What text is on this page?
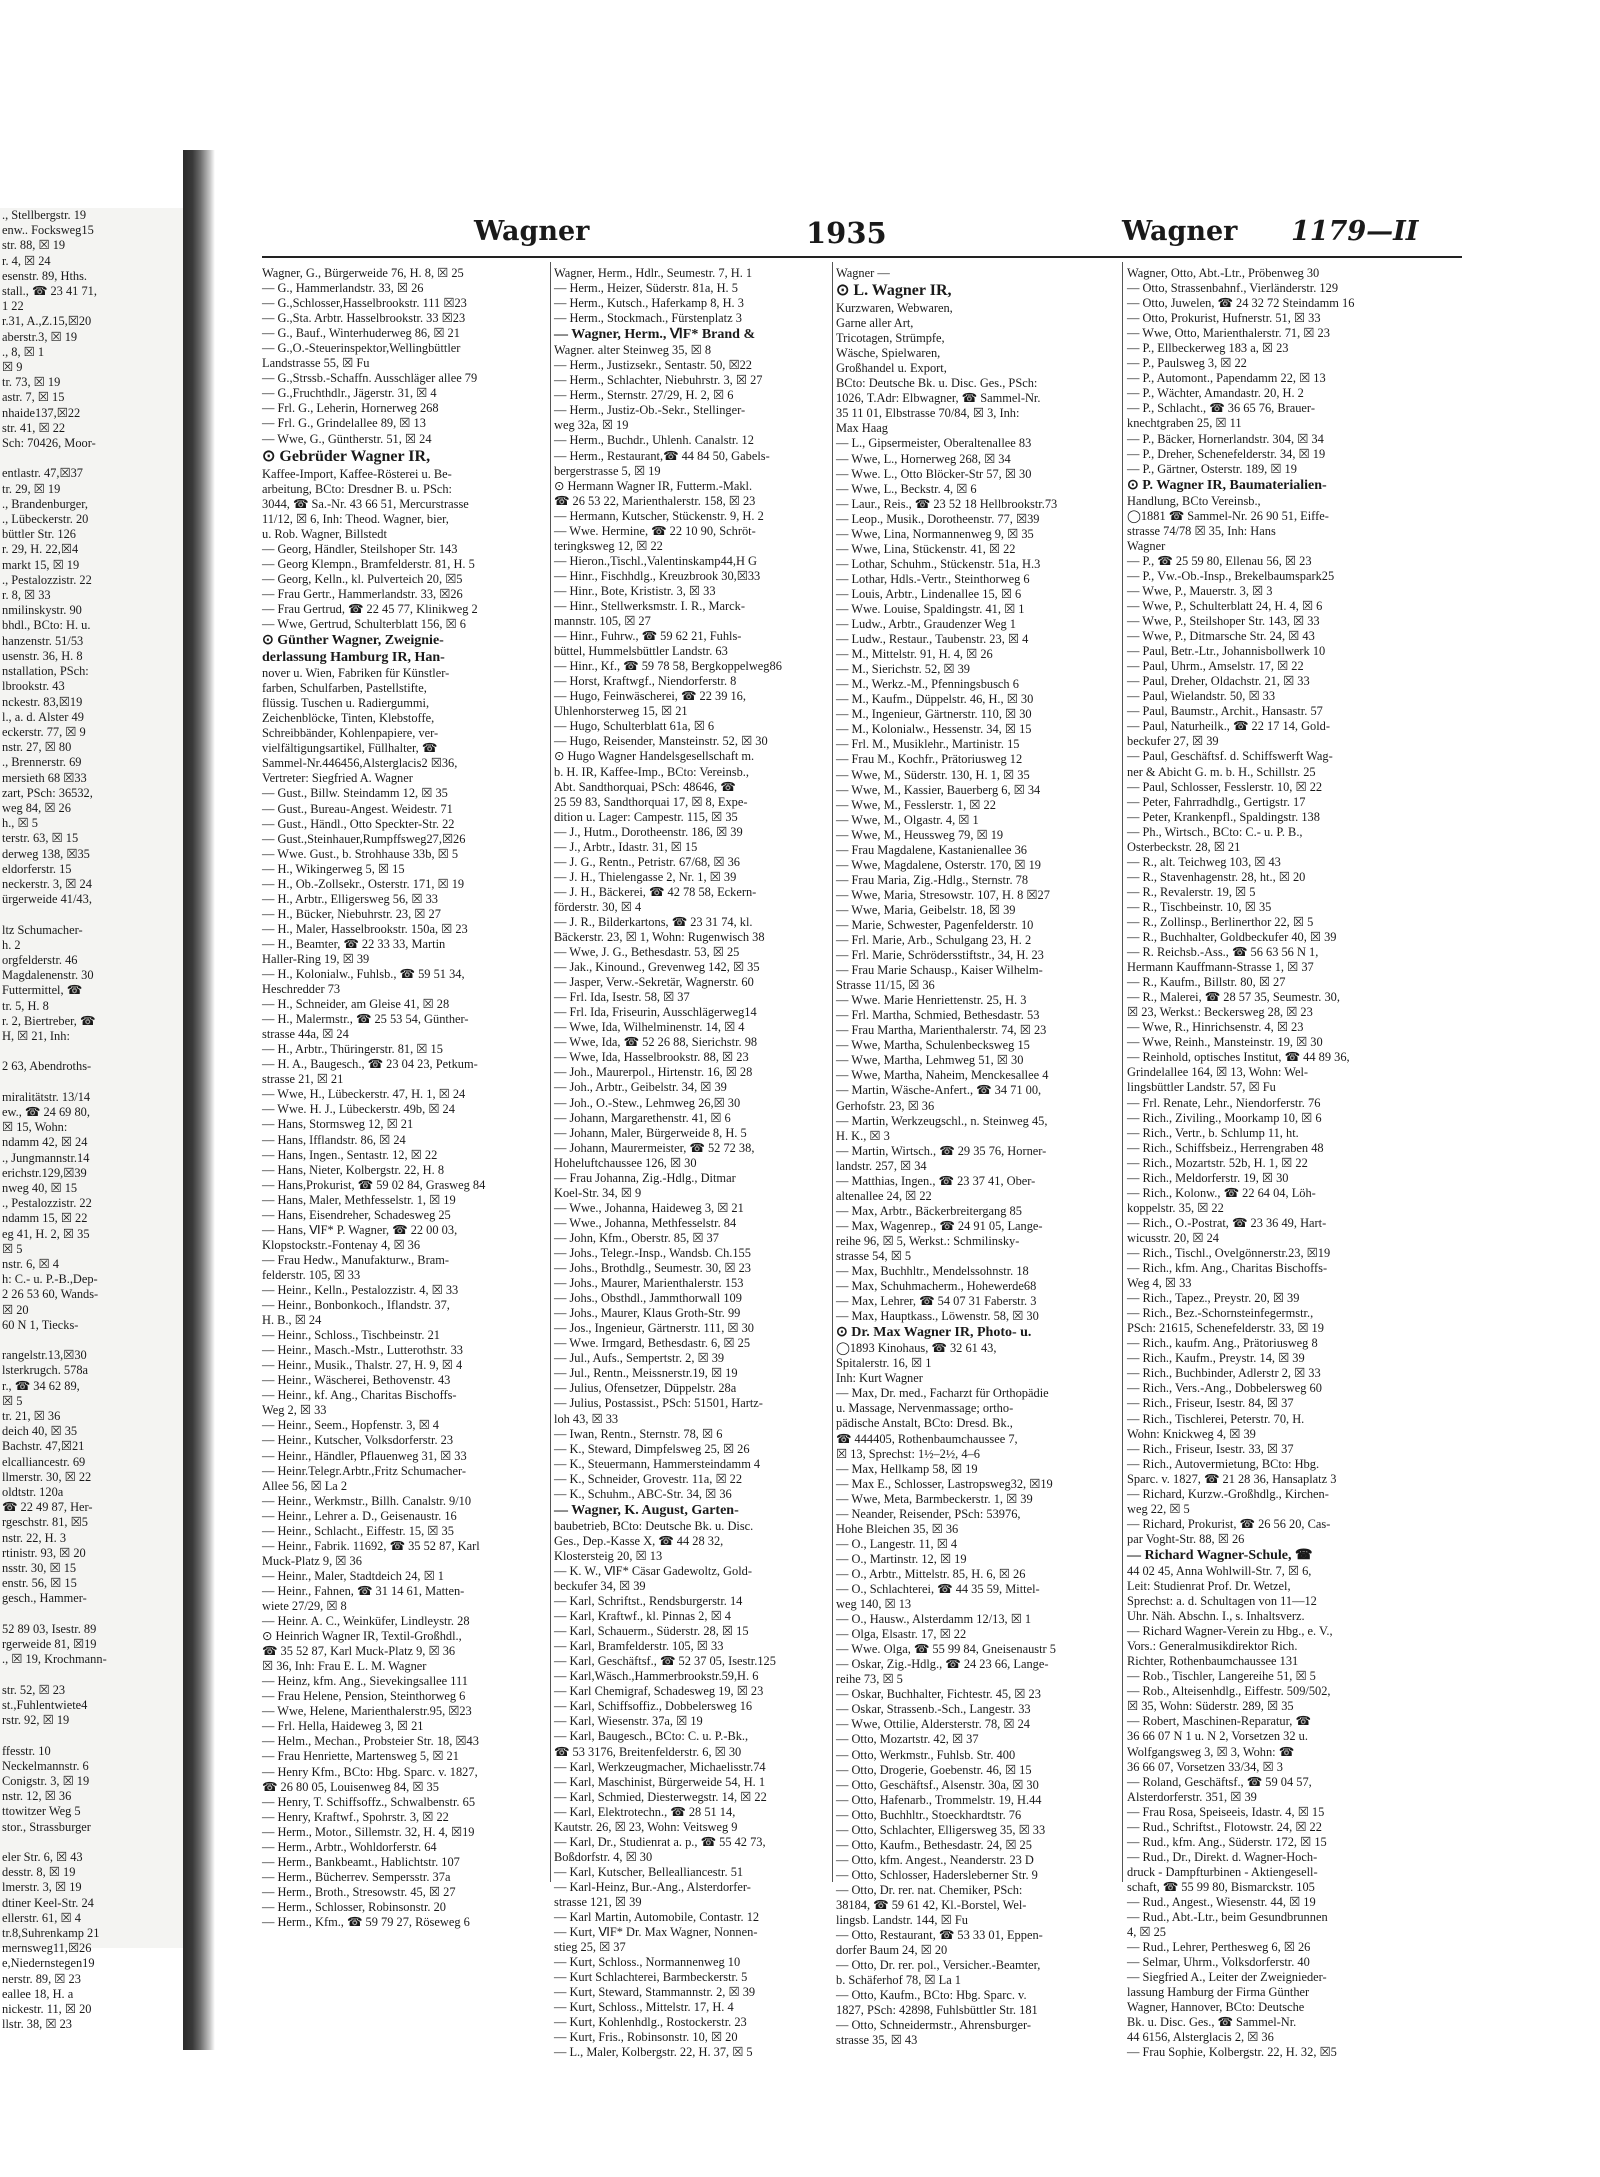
., Stellbergstr. 19
enw.. Focksweg15
str. 88, ☒ 19
r. 4, ☒ 24
esenstr. 89, Hths.
stall., ☎ 23 41 71,
1 22
r.31, A.,Z.15,☒20
aberstr.3, ☒ 19
., 8, ☒ 1
☒ 9
tr. 73, ☒ 19
astr. 7, ☒ 15
nhaide137,☒22
str. 41, ☒ 22
Sch: 70426, Moor-

entlastr. 47,☒37
tr. 29, ☒ 19
., Brandenburger,
., Lübeckerstr. 20
büttler Str. 126
r. 29, H. 22,☒4
markt 15, ☒ 19
., Pestalozzistr. 22
r. 8, ☒ 33
nmilinskystr. 90
bhdl., BCto: H. u.
hanzenstr. 51/53
usenstr. 36, H. 8
nstallation, PSch:
lbrookstr. 43
nckestr. 83,☒19
l., a. d. Alster 49
eckerstr. 77, ☒ 9
nstr. 27, ☒ 80
., Brennerstr. 69
mersieth 68 ☒33
zart, PSch: 36532,
weg 84, ☒ 26
h., ☒ 5
terstr. 63, ☒ 15
derweg 138, ☒35
eldorferstr. 15
neckerstr. 3, ☒ 24
ürgerweide 41/43,

ltz Schumacher-
h. 2
orgfelderstr. 46
Magdalenenstr. 30
Futtermittel, ☎
tr. 5, H. 8
r. 2, Biertreber, ☎
H, ☒ 21, Inh:

2 63, Abendroths-

miralitätstr. 13/14
ew., ☎ 24 69 80,
☒ 15, Wohn:
ndamm 42, ☒ 24
., Jungmannstr.14
erichstr.129,☒39
nweg 40, ☒ 15
., Pestalozzistr. 22
ndamm 15, ☒ 22
eg 41, H. 2, ☒ 35
☒ 5
nstr. 6, ☒ 4
h: C.- u. P.-B.,Dep-
2 26 53 60, Wands-
☒ 20
60 N 1, Tiecks-

rangelstr.13,☒30
lsterkrugch. 578a
r., ☎ 34 62 89,
☒ 5
tr. 21, ☒ 36
deich 40, ☒ 35
Bachstr. 47,☒21
elcalliancestr. 69
llmerstr. 30, ☒ 22
oldtstr. 120a
☎ 22 49 87, Her-
rgeschstr. 81, ☒5
nstr. 22, H. 3
rtinistr. 93, ☒ 20
nsstr. 30, ☒ 15
enstr. 56, ☒ 15
gesch., Hammer-

52 89 03, Isestr. 89
rgerweide 81, ☒19
., ☒ 19, Krochmann-

str. 52, ☒ 23
st.,Fuhlentwiete4
rstr. 92, ☒ 19

ffesstr. 10
Neckelmannstr. 6
Conigstr. 3, ☒ 19
nstr. 12, ☒ 36
ttowitzer Weg 5
stor., Strassburger

eler Str. 6, ☒ 43
desstr. 8, ☒ 19
lmerstr. 3, ☒ 19
dtiner Keel-Str. 24
ellerstr. 61, ☒ 4
tr.8,Suhrenkamp 21
mernsweg11,☒26
e,Niedernstegen19
nerstr. 89, ☒ 23
eallee 18, H. a
nickestr. 11, ☒ 20
llstr. 38, ☒ 23
Wagner	1935	Wagner 1179—II
Wagner, G., Bürgerweide 76, H. 8, ☒ 25
— G., Hammerlandstr. 33, ☒ 26
— G.,Schlosser,Hasselbrookstr. 111 ☒23
— G.,Sta. Arbtr. Hasselbrookstr. 33 ☒23
— G., Bauf., Winterhuderweg 86, ☒ 21
— G.,O.-Steuerinspektor,Wellingbüttler
Landstrasse 55, ☒ Fu
— G.,Strssb.-Schaffn. Ausschläger allee 79
— G.,Fruchthdlr., Jägerstr. 31, ☒ 4
— Frl. G., Leherin, Hornerweg 268
— Frl. G., Grindelallee 89, ☒ 13
— Wwe, G., Güntherstr. 51, ☒ 24
⊙ Gebrüder Wagner IR,
Kaffee-Import, Kaffee-Rösterei u. Be-
arbeitung, BCto: Dresdner B. u. PSch:
3044, ☎ Sa.-Nr. 43 66 51, Mercurstrasse
11/12, ☒ 6, Inh: Theod. Wagner, bier,
u. Rob. Wagner, Billstedt
— Georg, Händler, Steilshoper Str. 143
— Georg Klempn., Bramfelderstr. 81, H. 5
— Georg, Kelln., kl. Pulverteich 20, ☒5
— Frau Gertr., Hammerlandstr. 33, ☒26
— Frau Gertrud, ☎ 22 45 77, Klinikweg 2
— Wwe, Gertrud, Schulterblatt 156, ☒ 6
⊙ Günther Wagner, Zweignie-
derlassung Hamburg IR, Han-
nover u. Wien, Fabriken für Künstler-
farben, Schulfarben, Pastellstifte,
flüssig. Tuschen u. Radiergummi,
Zeichenblöcke, Tinten, Klebstoffe,
Schreibbänder, Kohlenpapiere, ver-
vielfältigungsartikel, Füllhalter, ☎
Sammel-Nr.446456,Alsterglacis2 ☒36,
Vertreter: Siegfried A. Wagner
— Gust., Billw. Steindamm 12, ☒ 35
— Gust., Bureau-Angest. Weidestr. 71
— Gust., Händl., Otto Speckter-Str. 22
— Gust.,Steinhauer,Rumpffsweg27,☒26
— Wwe. Gust., b. Strohhause 33b, ☒ 5
— H., Wikingerweg 5, ☒ 15
— H., Ob.-Zollsekr., Osterstr. 171, ☒ 19
— H., Arbtr., Elligersweg 56, ☒ 33
— H., Bücker, Niebuhrstr. 23, ☒ 27
— H., Maler, Hasselbrookstr. 150a, ☒ 23
— H., Beamter, ☎ 22 33 33, Martin
Haller-Ring 19, ☒ 39
— H., Kolonialw., Fuhlsb., ☎ 59 51 34,
Heschredder 73
— H., Schneider, am Gleise 41, ☒ 28
— H., Malermstr., ☎ 25 53 54, Günther-
strasse 44a, ☒ 24
— H., Arbtr., Thüringerstr. 81, ☒ 15
— H. A., Baugesch., ☎ 23 04 23, Petkum-
strasse 21, ☒ 21
— Wwe, H., Lübeckerstr. 47, H. 1, ☒ 24
— Wwe. H. J., Lübeckerstr. 49b, ☒ 24
— Hans, Stormsweg 12, ☒ 21
— Hans, Ifflandstr. 86, ☒ 24
— Hans, Ingen., Sentastr. 12, ☒ 22
— Hans, Nieter, Kolbergstr. 22, H. 8
— Hans,Prokurist, ☎ 59 02 84, Grasweg 84
— Hans, Maler, Methfesselstr. 1, ☒ 19
— Hans, Eisendreher, Schadesweg 25
— Hans, ⅥF* P. Wagner, ☎ 22 00 03,
Klopstockstr.-Fontenay 4, ☒ 36
— Frau Hedw., Manufakturw., Bram-
felderstr. 105, ☒ 33
— Heinr., Kelln., Pestalozzistr. 4, ☒ 33
— Heinr., Bonbonkoch., Iflandstr. 37,
H. B., ☒ 24
— Heinr., Schloss., Tischbeinstr. 21
— Heinr., Masch.-Mstr., Lutterothstr. 33
— Heinr., Musik., Thalstr. 27, H. 9, ☒ 4
— Heinr., Wäscherei, Bethovenstr. 43
— Heinr., kf. Ang., Charitas Bischoffs-
Weg 2, ☒ 33
— Heinr., Seem., Hopfenstr. 3, ☒ 4
— Heinr., Kutscher, Volksdorferstr. 23
— Heinr., Händler, Pflauenweg 31, ☒ 33
— Heinr.Telegr.Arbtr.,Fritz Schumacher-
Allee 56, ☒ La 2
— Heinr., Werkmstr., Billh. Canalstr. 9/10
— Heinr., Lehrer a. D., Geisenaustr. 16
— Heinr., Schlacht., Eiffestr. 15, ☒ 35
— Heinr., Fabrik. 11692, ☎ 35 52 87, Karl
Muck-Platz 9, ☒ 36
— Heinr., Maler, Stadtdeich 24, ☒ 1
— Heinr., Fahnen, ☎ 31 14 61, Matten-
wiete 27/29, ☒ 8
— Heinr. A. C., Weinküfer, Lindleystr. 28
⊙ Heinrich Wagner IR, Textil-Großhdl.,
☎ 35 52 87, Karl Muck-Platz 9, ☒ 36
☒ 36, Inh: Frau E. L. M. Wagner
— Heinz, kfm. Ang., Sievekingsallee 111
— Frau Helene, Pension, Steinthorweg 6
— Wwe, Helene, Marienthalerstr.95, ☒23
— Frl. Hella, Haideweg 3, ☒ 21
— Helm., Mechan., Probsteier Str. 18, ☒43
— Frau Henriette, Martensweg 5, ☒ 21
— Henry Kfm., BCto: Hbg. Sparc. v. 1827,
☎ 26 80 05, Louisenweg 84, ☒ 35
— Henry, T. Schiffsoffz., Schwalbenstr. 65
— Henry, Kraftwf., Spohrstr. 3, ☒ 22
— Herm., Motor., Sillemstr. 32, H. 4, ☒19
— Herm., Arbtr., Wohldorferstr. 64
— Herm., Bankbeamt., Hablichtstr. 107
— Herm., Bücherrev. Sempersstr. 37a
— Herm., Broth., Stresowstr. 45, ☒ 27
— Herm., Schlosser, Robinsonstr. 20
— Herm., Kfm., ☎ 59 79 27, Röseweg 6
Wagner, Herm., Hdlr., Seumestr. 7, H. 1
— Herm., Heizer, Süderstr. 81a, H. 5
— Herm., Kutsch., Haferkamp 8, H. 3
— Herm., Stockmach., Fürstenplatz 3
— Wagner, Herm., ⅥF* Brand &
Wagner. alter Steinweg 35, ☒ 8
— Herm., Justizsekr., Sentastr. 50, ☒22
— Herm., Schlachter, Niebuhrstr. 3, ☒ 27
— Herm., Sternstr. 27/29, H. 2, ☒ 6
— Herm., Justiz-Ob.-Sekr., Stellinger-
weg 32a, ☒ 19
— Herm., Buchdr., Uhlenh. Canalstr. 12
— Herm., Restaurant,☎ 44 84 50, Gabels-
bergerstrasse 5, ☒ 19
⊙ Hermann Wagner IR, Futterm.-Makl.
☎ 26 53 22, Marienthalerstr. 158, ☒ 23
— Hermann, Kutscher, Stückenstr. 9, H. 2
— Wwe. Hermine, ☎ 22 10 90, Schröt-
teringksweg 12, ☒ 22
— Hieron.,Tischl.,Valentinskamp44,H G
— Hinr., Fischhdlg., Kreuzbrook 30,☒33
— Hinr., Bote, Krististr. 3, ☒ 33
— Hinr., Stellwerksmstr. I. R., Marck-
mannstr. 105, ☒ 27
— Hinr., Fuhrw., ☎ 59 62 21, Fuhls-
büttel, Hummelsbüttler Landstr. 63
— Hinr., Kf., ☎ 59 78 58, Bergkoppelweg86
— Horst, Kraftwgf., Niendorferstr. 8
— Hugo, Feinwäscherei, ☎ 22 39 16,
Uhlenhorsterweg 15, ☒ 21
— Hugo, Schulterblatt 61a, ☒ 6
— Hugo, Reisender, Mansteinstr. 52, ☒ 30
⊙ Hugo Wagner Handelsgesellschaft m.
b. H. IR, Kaffee-Imp., BCto: Vereinsb.,
Abt. Sandthorquai, PSch: 48646, ☎
25 59 83, Sandthorquai 17, ☒ 8, Expe-
dition u. Lager: Campestr. 115, ☒ 35
— J., Hutm., Dorotheenstr. 186, ☒ 39
— J., Arbtr., Idastr. 31, ☒ 15
— J. G., Rentn., Petristr. 67/68, ☒ 36
— J. H., Thielengasse 2, Nr. 1, ☒ 39
— J. H., Bäckerei, ☎ 42 78 58, Eckern-
förderstr. 30, ☒ 4
— J. R., Bilderkartons, ☎ 23 31 74, kl.
Bäckerstr. 23, ☒ 1, Wohn: Rugenwisch 38
— Wwe, J. G., Bethesdastr. 53, ☒ 25
— Jak., Kinound., Grevenweg 142, ☒ 35
— Jasper, Verw.-Sekretär, Wagnerstr. 60
— Frl. Ida, Isestr. 58, ☒ 37
— Frl. Ida, Friseurin, Ausschlägerweg14
— Wwe, Ida, Wilhelminenstr. 14, ☒ 4
— Wwe, Ida, ☎ 52 26 88, Sierichstr. 98
— Wwe, Ida, Hasselbrookstr. 88, ☒ 23
— Joh., Maurerpol., Hirtenstr. 16, ☒ 28
— Joh., Arbtr., Geibelstr. 34, ☒ 39
— Joh., O.-Stew., Lehmweg 26,☒ 30
— Johann, Margarethenstr. 41, ☒ 6
— Johann, Maler, Bürgerweide 8, H. 5
— Johann, Maurermeister, ☎ 52 72 38,
Hoheluftchaussee 126, ☒ 30
— Frau Johanna, Zig.-Hdlg., Ditmar
Koel-Str. 34, ☒ 9
— Wwe., Johanna, Haideweg 3, ☒ 21
— Wwe., Johanna, Methfesselstr. 84
— John, Kfm., Oberstr. 85, ☒ 37
— Johs., Telegr.-Insp., Wandsb. Ch.155
— Johs., Brothdlg., Seumestr. 30, ☒ 23
— Johs., Maurer, Marienthalerstr. 153
— Johs., Obsthdl., Jammthorwall 109
— Johs., Maurer, Klaus Groth-Str. 99
— Jos., Ingenieur, Gärtnerstr. 111, ☒ 30
— Wwe. Irmgard, Bethesdastr. 6, ☒ 25
— Jul., Aufs., Sempertstr. 2, ☒ 39
— Jul., Rentn., Meissnerstr.19, ☒ 19
— Julius, Ofensetzer, Düppelstr. 28a
— Julius, Postassist., PSch: 51501, Hartz-
loh 43, ☒ 33
— Iwan, Rentn., Sternstr. 78, ☒ 6
— K., Steward, Dimpfelsweg 25, ☒ 26
— K., Steuermann, Hammersteindamm 4
— K., Schneider, Grovestr. 11a, ☒ 22
— K., Schuhm., ABC-Str. 34, ☒ 36
— Wagner, K. August, Garten-
baubetrieb, BCto: Deutsche Bk. u. Disc.
Ges., Dep.-Kasse X, ☎ 44 28 32,
Klostersteig 20, ☒ 13
— K. W., ⅥF* Cäsar Gadewoltz, Gold-
beckufer 34, ☒ 39
— Karl, Schriftst., Rendsburgerstr. 14
— Karl, Kraftwf., kl. Pinnas 2, ☒ 4
— Karl, Schauerm., Süderstr. 28, ☒ 15
— Karl, Bramfelderstr. 105, ☒ 33
— Karl, Geschäftsf., ☎ 52 37 05, Isestr.125
— Karl,Wäsch.,Hammerbrookstr.59,H. 6
— Karl Chemigraf, Schadesweg 19, ☒ 23
— Karl, Schiffsoffiz., Dobbelersweg 16
— Karl, Wiesenstr. 37a, ☒ 19
— Karl, Baugesch., BCto: C. u. P.-Bk.,
☎ 53 3176, Breitenfelderstr. 6, ☒ 30
— Karl, Werkzeugmacher, Michaelisstr.74
— Karl, Maschinist, Bürgerweide 54, H. 1
— Karl, Schmied, Diesterwegstr. 14, ☒ 22
— Karl, Elektrotechn., ☎ 28 51 14,
Kautstr. 26, ☒ 23, Wohn: Veitsweg 9
— Karl, Dr., Studienrat a. p., ☎ 55 42 73,
Boßdorfstr. 4, ☒ 30
— Karl, Kutscher, Bellealliancestr. 51
— Karl-Heinz, Bur.-Ang., Alsterdorfer-
strasse 121, ☒ 39
— Karl Martin, Automobile, Contastr. 12
— Kurt, ⅥF* Dr. Max Wagner, Nonnen-
stieg 25, ☒ 37
— Kurt, Schloss., Normannenweg 10
— Kurt Schlachterei, Barmbeckerstr. 5
— Kurt, Steward, Stammannstr. 2, ☒ 39
— Kurt, Schloss., Mittelstr. 17, H. 4
— Kurt, Kohlenhdlg., Rostockerstr. 23
— Kurt, Fris., Robinsonstr. 10, ☒ 20
— L., Maler, Kolbergstr. 22, H. 37, ☒ 5
Wagner —
⊙ L. Wagner IR,
Kurzwaren, Webwaren,
Garne aller Art,
Tricotagen, Strümpfe,
Wäsche, Spielwaren,
Großhandel u. Export,
BCto: Deutsche Bk. u. Disc. Ges., PSch:
1026, T.Adr: Elbwagner, ☎ Sammel-Nr.
35 11 01, Elbstrasse 70/84, ☒ 3, Inh:
Max Haag
— L., Gipsermeister, Oberaltenallee 83
— Wwe, L., Hornerweg 268, ☒ 34
— Wwe. L., Otto Blöcker-Str 57, ☒ 30
— Wwe, L., Beckstr. 4, ☒ 6
— Laur., Reis., ☎ 23 52 18 Hellbrookstr.73
— Leop., Musik., Dorotheenstr. 77, ☒39
— Wwe, Lina, Normannenweg 9, ☒ 35
— Wwe, Lina, Stückenstr. 41, ☒ 22
— Lothar, Schuhm., Stückenstr. 51a, H.3
— Lothar, Hdls.-Vertr., Steinthorweg 6
— Louis, Arbtr., Lindenallee 15, ☒ 6
— Wwe. Louise, Spaldingstr. 41, ☒ 1
— Ludw., Arbtr., Graudenzer Weg 1
— Ludw., Restaur., Taubenstr. 23, ☒ 4
— M., Mittelstr. 91, H. 4, ☒ 26
— M., Sierichstr. 52, ☒ 39
— M., Werkz.-M., Pfenningsbusch 6
— M., Kaufm., Düppelstr. 46, H., ☒ 30
— M., Ingenieur, Gärtnerstr. 110, ☒ 30
— M., Kolonialw., Hessenstr. 34, ☒ 15
— Frl. M., Musiklehr., Martinistr. 15
— Frau M., Kochfr., Prätoriusweg 12
— Wwe, M., Süderstr. 130, H. 1, ☒ 35
— Wwe, M., Kassier, Bauerberg 6, ☒ 34
— Wwe, M., Fesslerstr. 1, ☒ 22
— Wwe, M., Olgastr. 4, ☒ 1
— Wwe, M., Heussweg 79, ☒ 19
— Frau Magdalene, Kastanienallee 36
— Wwe, Magdalene, Osterstr. 170, ☒ 19
— Frau Maria, Zig.-Hdlg., Sternstr. 78
— Wwe, Maria, Stresowstr. 107, H. 8 ☒27
— Wwe, Maria, Geibelstr. 18, ☒ 39
— Marie, Schwester, Pagenfelderstr. 10
— Frl. Marie, Arb., Schulgang 23, H. 2
— Frl. Marie, Schrödersstiftstr., 34, H. 23
— Frau Marie Schausp., Kaiser Wilhelm-
Strasse 11/15, ☒ 36
— Wwe. Marie Henriettenstr. 25, H. 3
— Frl. Martha, Schmied, Bethesdastr. 53
— Frau Martha, Marienthalerstr. 74, ☒ 23
— Wwe, Martha, Schulenbecksweg 15
— Wwe, Martha, Lehmweg 51, ☒ 30
— Wwe, Martha, Naheim, Menckesallee 4
— Martin, Wäsche-Anfert., ☎ 34 71 00,
Gerhofstr. 23, ☒ 36
— Martin, Werkzeugschl., n. Steinweg 45,
H. K., ☒ 3
— Martin, Wirtsch., ☎ 29 35 76, Horner-
landstr. 257, ☒ 34
— Matthias, Ingen., ☎ 23 37 41, Ober-
altenallee 24, ☒ 22
— Max, Arbtr., Bäckerbreitergang 85
— Max, Wagenrep., ☎ 24 91 05, Lange-
reihe 96, ☒ 5, Werkst.: Schmilinsky-
strasse 54, ☒ 5
— Max, Buchhltr., Mendelssohnstr. 18
— Max, Schuhmacherm., Hohewerde68
— Max, Lehrer, ☎ 54 07 31 Faberstr. 3
— Max, Hauptkass., Löwenstr. 58, ☒ 30
⊙ Dr. Max Wagner IR, Photo- u.
◯1893 Kinohaus, ☎ 32 61 43,
Spitalerstr. 16, ☒ 1
Inh: Kurt Wagner
— Max, Dr. med., Facharzt für Orthopädie
u. Massage, Nervenmassage; ortho-
pädische Anstalt, BCto: Dresd. Bk.,
☎ 444405, Rothenbaumchaussee 7,
☒ 13, Sprechst: 1½–2½, 4–6
— Max, Hellkamp 58, ☒ 19
— Max E., Schlosser, Lastropsweg32, ☒19
— Wwe, Meta, Barmbeckerstr. 1, ☒ 39
— Neander, Reisender, PSch: 53976,
Hohe Bleichen 35, ☒ 36
— O., Langestr. 11, ☒ 4
— O., Martinstr. 12, ☒ 19
— O., Arbtr., Mittelstr. 85, H. 6, ☒ 26
— O., Schlachterei, ☎ 44 35 59, Mittel-
weg 140, ☒ 13
— O., Hausw., Alsterdamm 12/13, ☒ 1
— Olga, Elsastr. 17, ☒ 22
— Wwe. Olga, ☎ 55 99 84, Gneisenaustr 5
— Oskar, Zig.-Hdlg., ☎ 24 23 66, Lange-
reihe 73, ☒ 5
— Oskar, Buchhalter, Fichtestr. 45, ☒ 23
— Oskar, Strassenb.-Sch., Langestr. 33
— Wwe, Ottilie, Aldersterstr. 78, ☒ 24
— Otto, Mozartstr. 42, ☒ 37
— Otto, Werkmstr., Fuhlsb. Str. 400
— Otto, Drogerie, Goebenstr. 46, ☒ 15
— Otto, Geschäftsf., Alsenstr. 30a, ☒ 30
— Otto, Hafenarb., Trommelstr. 19, H.44
— Otto, Buchhltr., Stoeckhardtstr. 76
— Otto, Schlachter, Elligersweg 35, ☒ 33
— Otto, Kaufm., Bethesdastr. 24, ☒ 25
— Otto, kfm. Angest., Neanderstr. 23 D
— Otto, Schlosser, Hadersleberner Str. 9
— Otto, Dr. rer. nat. Chemiker, PSch:
38184, ☎ 59 61 42, Kl.-Borstel, Wel-
lingsb. Landstr. 144, ☒ Fu
— Otto, Restaurant, ☎ 53 33 01, Eppen-
dorfer Baum 24, ☒ 20
— Otto, Dr. rer. pol., Versicher.-Beamter,
b. Schäferhof 78, ☒ La 1
— Otto, Kaufm., BCto: Hbg. Sparc. v.
1827, PSch: 42898, Fuhlsbüttler Str. 181
— Otto, Schneidermstr., Ahrensburger-
strasse 35, ☒ 43
Wagner, Otto, Abt.-Ltr., Pröbenweg 30
— Otto, Strassenbahnf., Vierländerstr. 129
— Otto, Juwelen, ☎ 24 32 72 Steindamm 16
— Otto, Prokurist, Hufnerstr. 51, ☒ 33
— Wwe, Otto, Marienthalerstr. 71, ☒ 23
— P., Ellbeckerweg 183 a, ☒ 23
— P., Paulsweg 3, ☒ 22
— P., Automont., Papendamm 22, ☒ 13
— P., Wächter, Amandastr. 20, H. 2
— P., Schlacht., ☎ 36 65 76, Brauer-
knechtgraben 25, ☒ 11
— P., Bäcker, Hornerlandstr. 304, ☒ 34
— P., Dreher, Schenefelderstr. 34, ☒ 19
— P., Gärtner, Osterstr. 189, ☒ 19
⊙ P. Wagner IR, Baumaterialien-
Handlung, BCto Vereinsb.,
◯1881 ☎ Sammel-Nr. 26 90 51, Eiffe-
strasse 74/78 ☒ 35, Inh: Hans
Wagner
— P., ☎ 25 59 80, Ellenau 56, ☒ 23
— P., Vw.-Ob.-Insp., Brekelbaumspark25
— Wwe, P., Mauerstr. 3, ☒ 3
— Wwe, P., Schulterblatt 24, H. 4, ☒ 6
— Wwe, P., Steilshoper Str. 143, ☒ 33
— Wwe, P., Ditmarsche Str. 24, ☒ 43
— Paul, Betr.-Ltr., Johannisbollwerk 10
— Paul, Uhrm., Amselstr. 17, ☒ 22
— Paul, Dreher, Oldachstr. 21, ☒ 33
— Paul, Wielandstr. 50, ☒ 33
— Paul, Baumstr., Archit., Hansastr. 57
— Paul, Naturheilk., ☎ 22 17 14, Gold-
beckufer 27, ☒ 39
— Paul, Geschäftsf. d. Schiffswerft Wag-
ner & Abicht G. m. b. H., Schillstr. 25
— Paul, Schlosser, Fesslerstr. 10, ☒ 22
— Peter, Fahrradhdlg., Gertigstr. 17
— Peter, Krankenpfl., Spaldingstr. 138
— Ph., Wirtsch., BCto: C.- u. P. B.,
Osterbeckstr. 28, ☒ 21
— R., alt. Teichweg 103, ☒ 43
— R., Stavenhagenstr. 28, ht., ☒ 20
— R., Revalerstr. 19, ☒ 5
— R., Tischbeinstr. 10, ☒ 35
— R., Zollinsp., Berlinerthor 22, ☒ 5
— R., Buchhalter, Goldbeckufer 40, ☒ 39
— R. Reichsb.-Ass., ☎ 56 63 56 N 1,
Hermann Kauffmann-Strasse 1, ☒ 37
— R., Kaufm., Billstr. 80, ☒ 27
— R., Malerei, ☎ 28 57 35, Seumestr. 30,
☒ 23, Werkst.: Beckersweg 28, ☒ 23
— Wwe, R., Hinrichsenstr. 4, ☒ 23
— Wwe, Reinh., Mansteinstr. 19, ☒ 30
— Reinhold, optisches Institut, ☎ 44 89 36,
Grindelallee 164, ☒ 13, Wohn: Wel-
lingsbüttler Landstr. 57, ☒ Fu
— Frl. Renate, Lehr., Niendorferstr. 76
— Rich., Ziviling., Moorkamp 10, ☒ 6
— Rich., Vertr., b. Schlump 11, ht.
— Rich., Schiffsbeiz., Herrengraben 48
— Rich., Mozartstr. 52b, H. 1, ☒ 22
— Rich., Meldorferstr. 19, ☒ 30
— Rich., Kolonw., ☎ 22 64 04, Löh-
koppelstr. 35, ☒ 22
— Rich., O.-Postrat, ☎ 23 36 49, Hart-
wicusstr. 20, ☒ 24
— Rich., Tischl., Ovelgönnerstr.23, ☒19
— Rich., kfm. Ang., Charitas Bischoffs-
Weg 4, ☒ 33
— Rich., Tapez., Preystr. 20, ☒ 39
— Rich., Bez.-Schornsteinfegermstr.,
PSch: 21615, Schenefelderstr. 33, ☒ 19
— Rich., kaufm. Ang., Prätoriusweg 8
— Rich., Kaufm., Preystr. 14, ☒ 39
— Rich., Buchbinder, Adlerstr 2, ☒ 33
— Rich., Vers.-Ang., Dobbelersweg 60
— Rich., Friseur, Isestr. 84, ☒ 37
— Rich., Tischlerei, Peterstr. 70, H.
Wohn: Knickweg 4, ☒ 39
— Rich., Friseur, Isestr. 33, ☒ 37
— Rich., Autovermietung, BCto: Hbg.
Sparc. v. 1827, ☎ 21 28 36, Hansaplatz 3
— Richard, Kurzw.-Großhdlg., Kirchen-
weg 22, ☒ 5
— Richard, Prokurist, ☎ 26 56 20, Cas-
par Voght-Str. 88, ☒ 26
— Richard Wagner-Schule, ☎
44 02 45, Anna Wohlwill-Str. 7, ☒ 6,
Leit: Studienrat Prof. Dr. Wetzel,
Sprechst: a. d. Schultagen von 11—12
Uhr. Näh. Abschn. I., s. Inhaltsverz.
— Richard Wagner-Verein zu Hbg., e. V.,
Vors.: Generalmusikdirektor Rich.
Richter, Rothenbaumchaussee 131
— Rob., Tischler, Langereihe 51, ☒ 5
— Rob., Alteisenhdlg., Eiffestr. 509/502,
☒ 35, Wohn: Süderstr. 289, ☒ 35
— Robert, Maschinen-Reparatur, ☎
36 66 07 N 1 u. N 2, Vorsetzen 32 u.
Wolfgangsweg 3, ☒ 3, Wohn: ☎
36 66 07, Vorsetzen 33/34, ☒ 3
— Roland, Geschäftsf., ☎ 59 04 57,
Alsterdorferstr. 351, ☒ 39
— Frau Rosa, Speiseeis, Idastr. 4, ☒ 15
— Rud., Schriftst., Flotowstr. 24, ☒ 22
— Rud., kfm. Ang., Süderstr. 172, ☒ 15
— Rud., Dr., Direkt. d. Wagner-Hoch-
druck - Dampfturbinen - Aktiengesell-
schaft, ☎ 55 99 80, Bismarckstr. 105
— Rud., Angest., Wiesenstr. 44, ☒ 19
— Rud., Abt.-Ltr., beim Gesundbrunnen
4, ☒ 25
— Rud., Lehrer, Perthesweg 6, ☒ 26
— Selmar, Uhrm., Volksdorferstr. 40
— Siegfried A., Leiter der Zweignieder-
lassung Hamburg der Firma Günther
Wagner, Hannover, BCto: Deutsche
Bk. u. Disc. Ges., ☎ Sammel-Nr.
44 6156, Alsterglacis 2, ☒ 36
— Frau Sophie, Kolbergstr. 22, H. 32, ☒5
